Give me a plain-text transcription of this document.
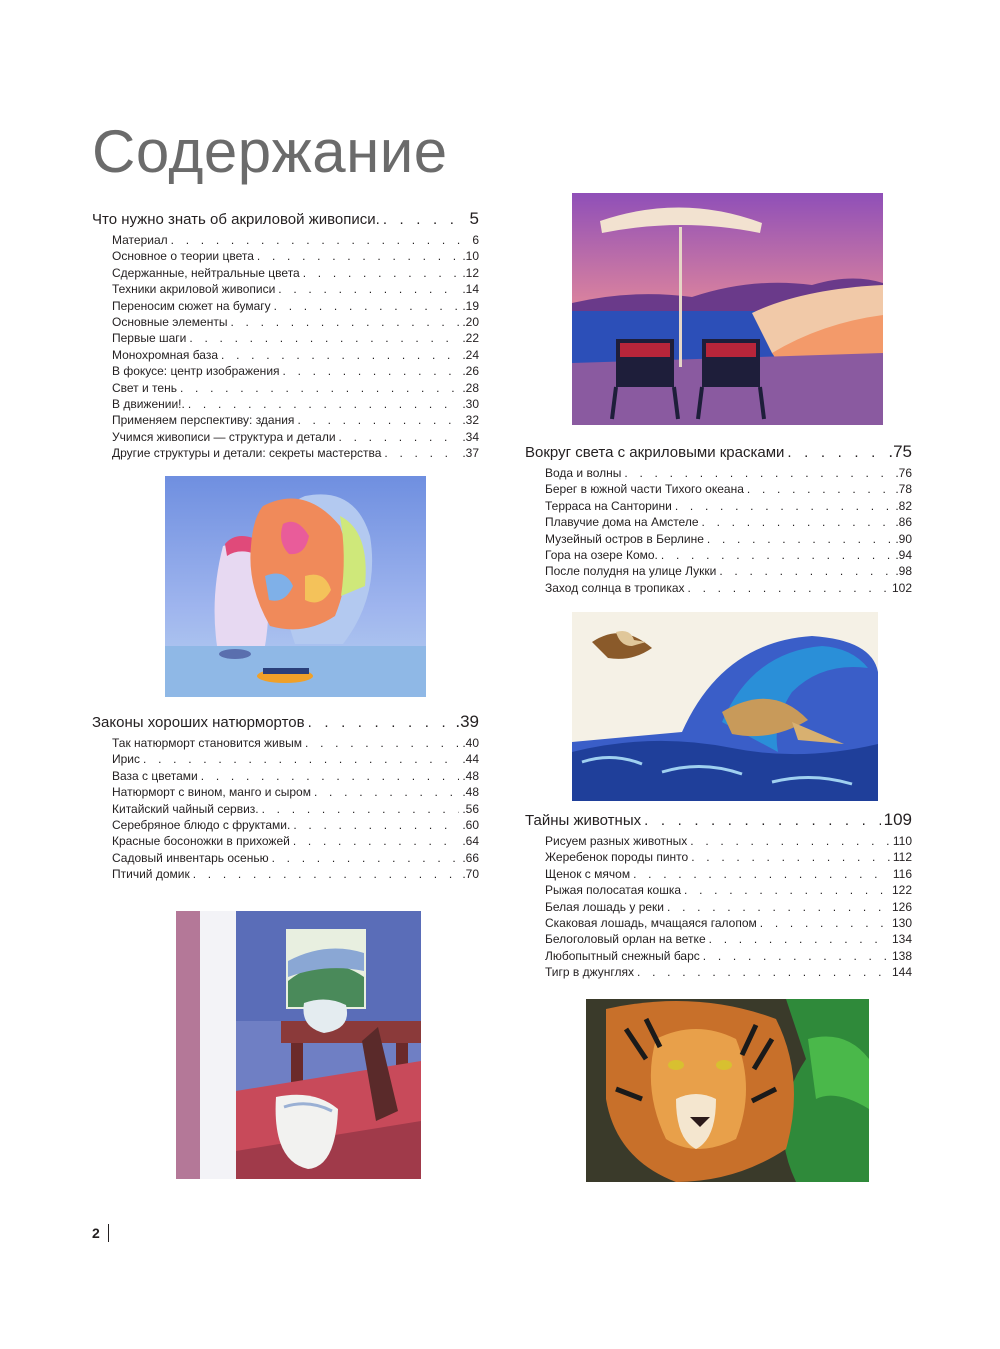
Содержание
Что нужно знать об акриловой живописи. . . .	5
Материал . . .	6
Основное о теории цвета . . .	.10
Сдержанные, нейтральные цвета . . .	.12
Техники акриловой живописи . . .	.14
Переносим сюжет на бумагу . . .	.19
Основные элементы . . .	.20
Первые шаги . . .	.22
Монохромная база . . .	.24
В фокусе: центр изображения . . .	.26
Свет и тень . . .	.28
В движении!. . . .	.30
Применяем перспективу: здания . . .	.32
Учимся живописи — структура и детали . . .	.34
Другие структуры и детали: секреты мастерства . . .	.37
Законы хороших натюрмортов . . .	.39
Так натюрморт становится живым . . .	.40
Ирис . . .	.44
Ваза с цветами . . .	.48
Натюрморт с вином, манго и сыром . . .	.48
Китайский чайный сервиз. . . .	.56
Серебряное блюдо с фруктами. . . .	.60
Красные босоножки в прихожей . . .	.64
Садовый инвентарь осенью . . .	.66
Птичий домик . . .	.70
Вокруг света с акриловыми красками . . .	.75
Вода и волны . . .	.76
Берег в южной части Тихого океана . . .	.78
Терраса на Санторини . . .	.82
Плавучие дома на Амстеле . . .	.86
Музейный остров в Берлине . . .	.90
Гора на озере Комо. . . .	.94
После полудня на улице Лукки . . .	.98
Заход солнца в тропиках . . .	102
Тайны животных . . .	109
Рисуем разных животных . . .	110
Жеребенок породы пинто . . .	112
Щенок с мячом . . .	116
Рыжая полосатая кошка . . .	122
Белая лошадь у реки . . .	126
Скаковая лошадь, мчащаяся галопом . . .	130
Белоголовый орлан на ветке . . .	134
Любопытный снежный барс . . .	138
Тигр в джунглях . . .	144
2
